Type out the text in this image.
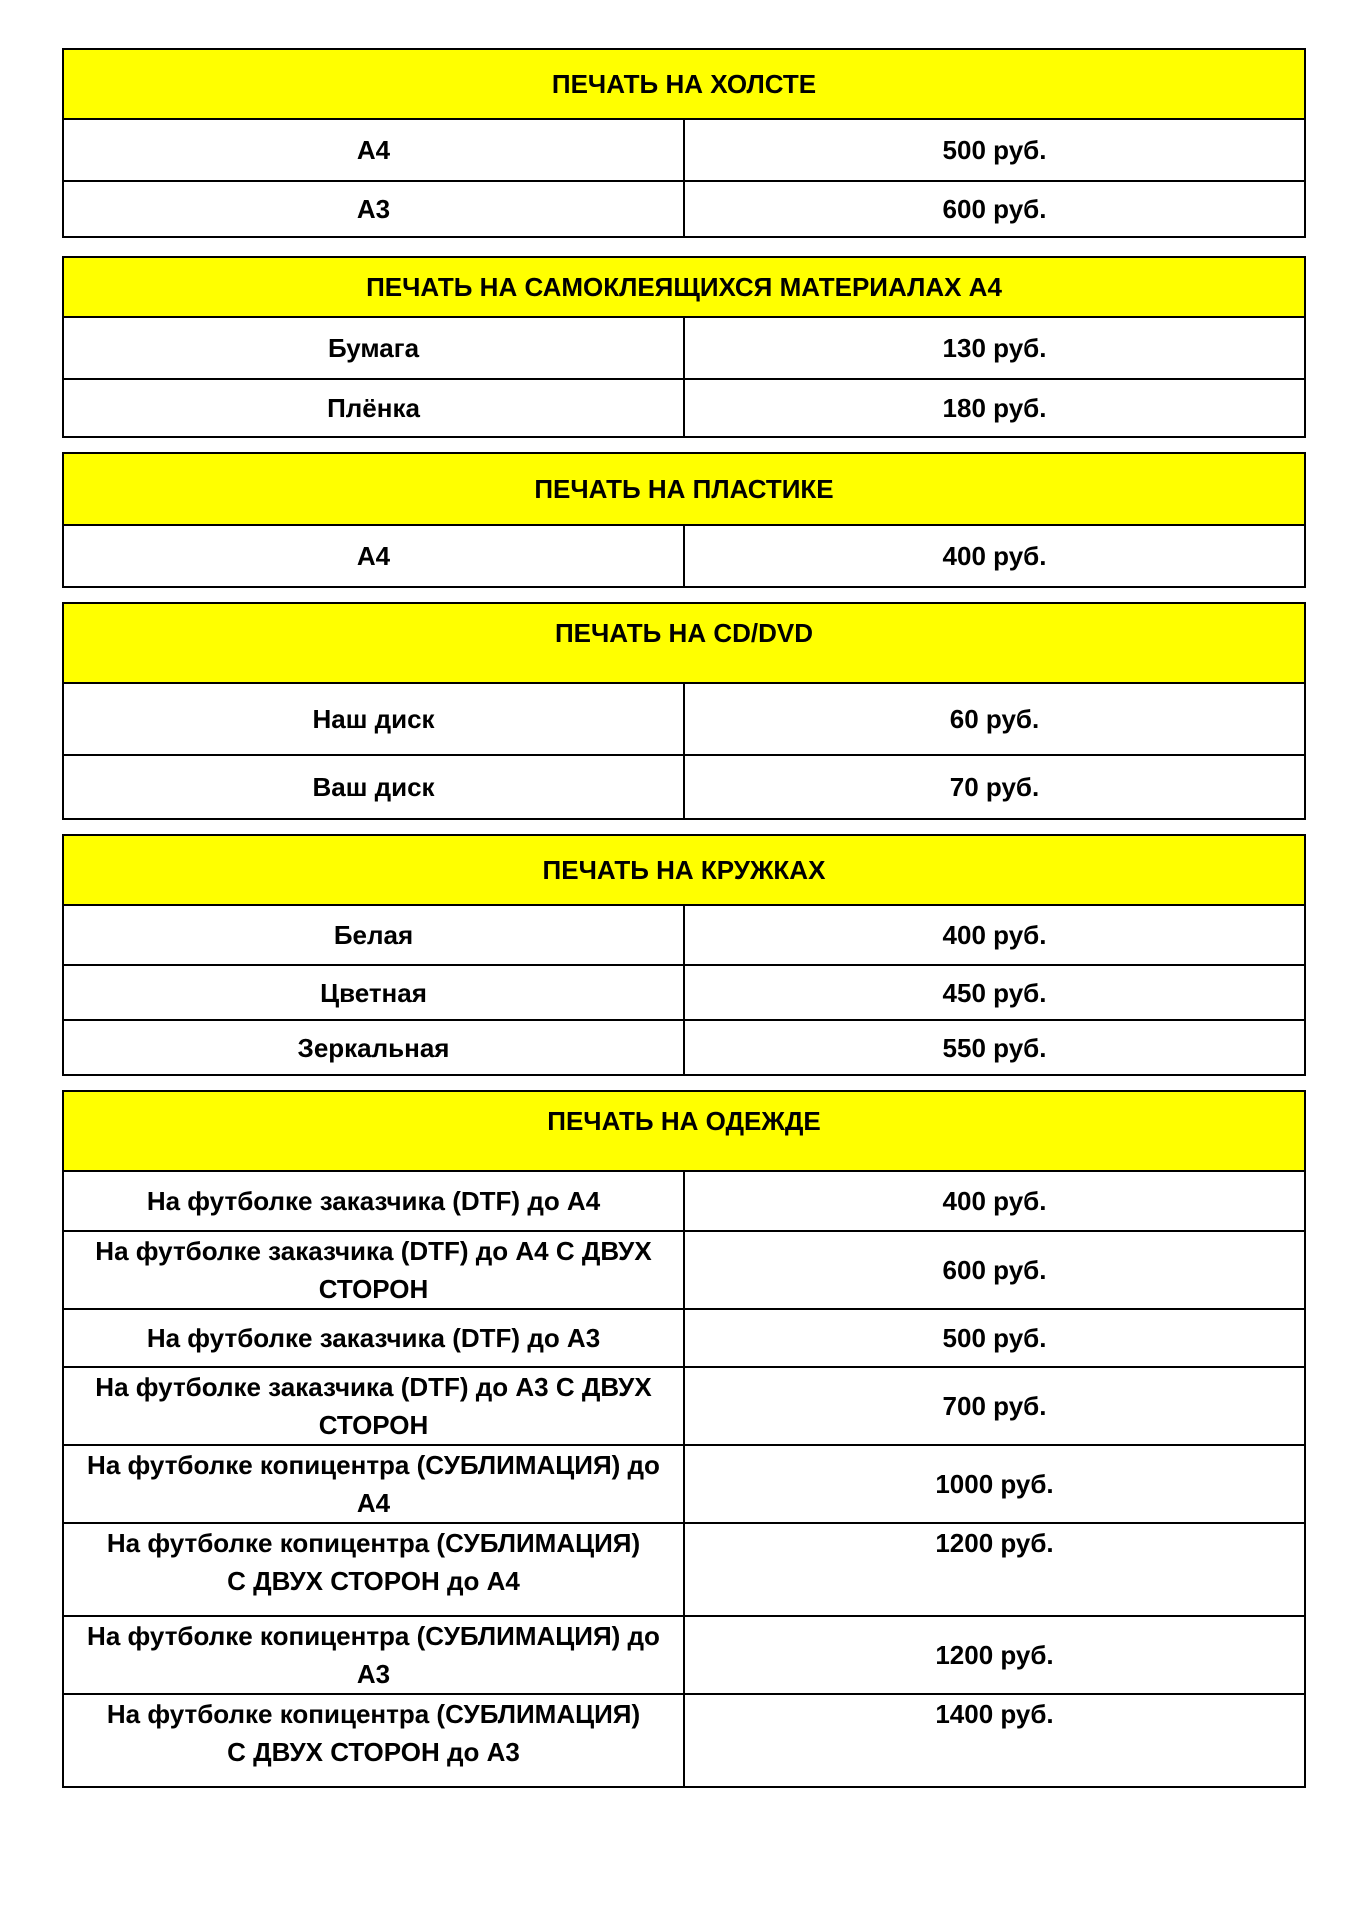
ПЕЧАТЬ НА ХОЛСТЕ	
А4	500 руб.
А3	600 руб.
ПЕЧАТЬ НА САМОКЛЕЯЩИХСЯ МАТЕРИАЛАХ А4	
Бумага	130 руб.
Плёнка	180 руб.
ПЕЧАТЬ НА ПЛАСТИКЕ
А4	400 руб.
ПЕЧАТЬ НА CD/DVD	
Наш диск	60 руб.
Ваш диск	70 руб.
ПЕЧАТЬ НА КРУЖКАХ	
Белая	400 руб.
Цветная	450 руб.
Зеркальная	550 руб.
ПЕЧАТЬ НА ОДЕЖДЕ	
На футболке заказчика (DTF) до А4	400 руб.
На футболке заказчика (DTF) до А4 С ДВУХ СТОРОН	600 руб.
На футболке заказчика (DTF) до А3	500 руб.
На футболке заказчика (DTF) до А3 С ДВУХ СТОРОН	700 руб.
На футболке копицентра (СУБЛИМАЦИЯ) до А4	1000 руб.

На футболке копицентра (СУБЛИМАЦИЯ)
С ДВУХ СТОРОН до А4	1200 руб.
На футболке копицентра (СУБЛИМАЦИЯ) до А3	1200 руб.

На футболке копицентра (СУБЛИМАЦИЯ)
С ДВУХ СТОРОН до А3	1400 руб.
